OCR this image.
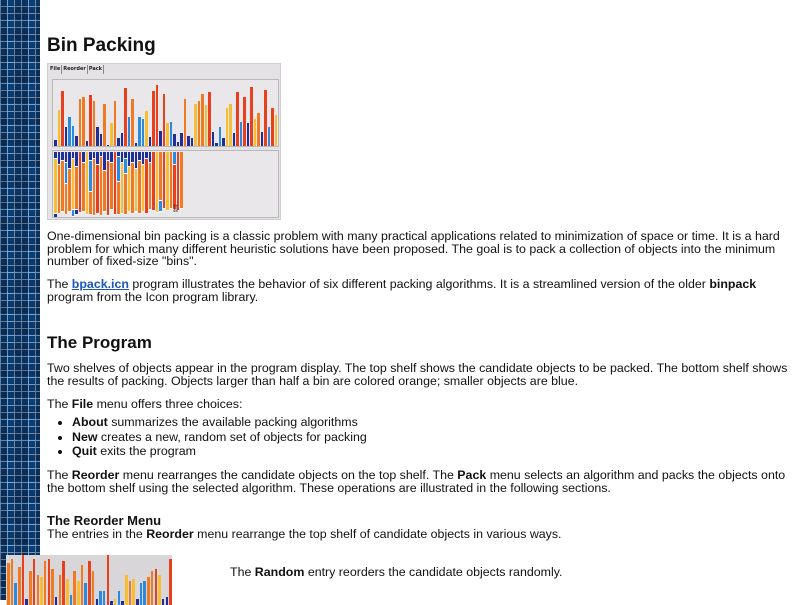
Bin Packing
File Reorder Pack
ff
48

One-dimensional bin packing is a classic problem with many practical applications related to minimization of space or time. It is a hard problem for which many different heuristic solutions have been proposed. The goal is to pack a collection of objects into the minimum number of fixed-size "bins".

The bpack.icn program illustrates the behavior of six different packing algorithms. It is a streamlined version of the older binpack program from the Icon program library.

The Program

Two shelves of objects appear in the program display. The top shelf shows the candidate objects to be packed. The bottom shelf shows the results of packing. Objects larger than half a bin are colored orange; smaller objects are blue.

The File menu offers three choices:

• About summarizes the available packing algorithms
• New creates a new, random set of objects for packing
• Quit exits the program

The Reorder menu rearranges the candidate objects on the top shelf. The Pack menu selects an algorithm and packs the objects onto the bottom shelf using the selected algorithm. These operations are illustrated in the following sections.

The Reorder Menu

The entries in the Reorder menu rearrange the top shelf of candidate objects in various ways.

The Random entry reorders the candidate objects randomly.
